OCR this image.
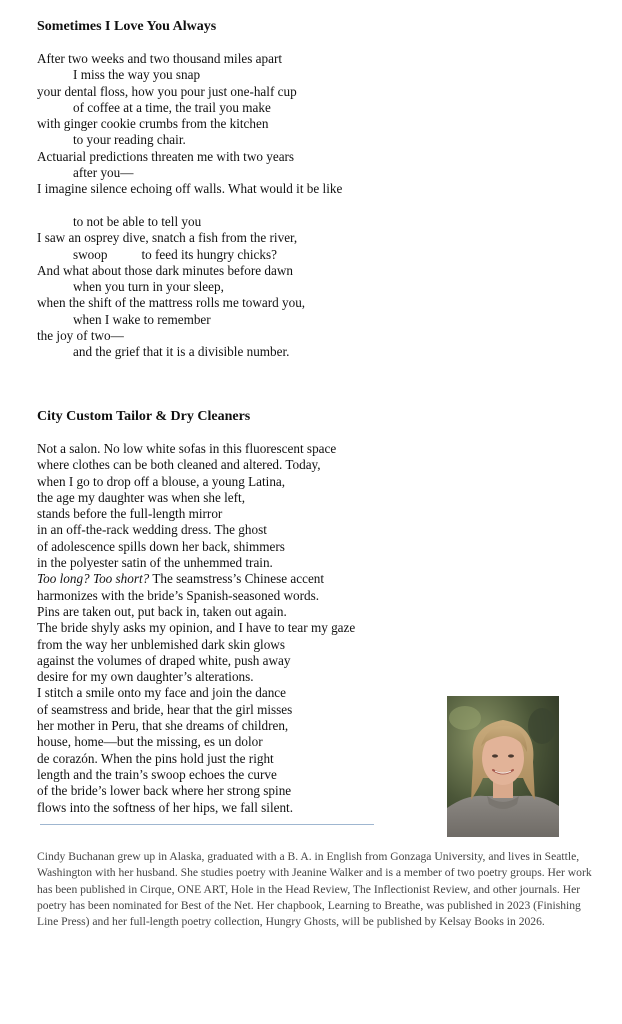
Sometimes I Love You Always
After two weeks and two thousand miles apart
I miss the way you snap
your dental floss, how you pour just one-half cup
of coffee at a time, the trail you make
with ginger cookie crumbs from the kitchen
to your reading chair.
Actuarial predictions threaten me with two years
after you—
I imagine silence echoing off walls. What would it be like
to not be able to tell you
I saw an osprey dive, snatch a fish from the river,
swoop	to feed its hungry chicks?
And what about those dark minutes before dawn
when you turn in your sleep,
when the shift of the mattress rolls me toward you,
when I wake to remember
the joy of two—
and the grief that it is a divisible number.
City Custom Tailor & Dry Cleaners
Not a salon. No low white sofas in this fluorescent space
where clothes can be both cleaned and altered. Today,
when I go to drop off a blouse, a young Latina,
the age my daughter was when she left,
stands before the full-length mirror
in an off-the-rack wedding dress. The ghost
of adolescence spills down her back, shimmers
in the polyester satin of the unhemmed train.
Too long? Too short? The seamstress’s Chinese accent
harmonizes with the bride’s Spanish-seasoned words.
Pins are taken out, put back in, taken out again.
The bride shyly asks my opinion, and I have to tear my gaze
from the way her unblemished dark skin glows
against the volumes of draped white, push away
desire for my own daughter’s alterations.
I stitch a smile onto my face and join the dance
of seamstress and bride, hear that the girl misses
her mother in Peru, that she dreams of children,
house, home—but the missing, es un dolor
de corazón. When the pins hold just the right
length and the train’s swoop echoes the curve
of the bride’s lower back where her strong spine
flows into the softness of her hips, we fall silent.
Cindy Buchanan grew up in Alaska, graduated with a B. A. in English from Gonzaga University, and lives in Seattle, Washington with her husband. She studies poetry with Jeanine Walker and is a member of two poetry groups. Her work has been published in Cirque, ONE ART, Hole in the Head Review, The Inflectionist Review, and other journals. Her poetry has been nominated for Best of the Net. Her chapbook, Learning to Breathe, was published in 2023 (Finishing Line Press) and her full-length poetry collection, Hungry Ghosts, will be published by Kelsay Books in 2026.
